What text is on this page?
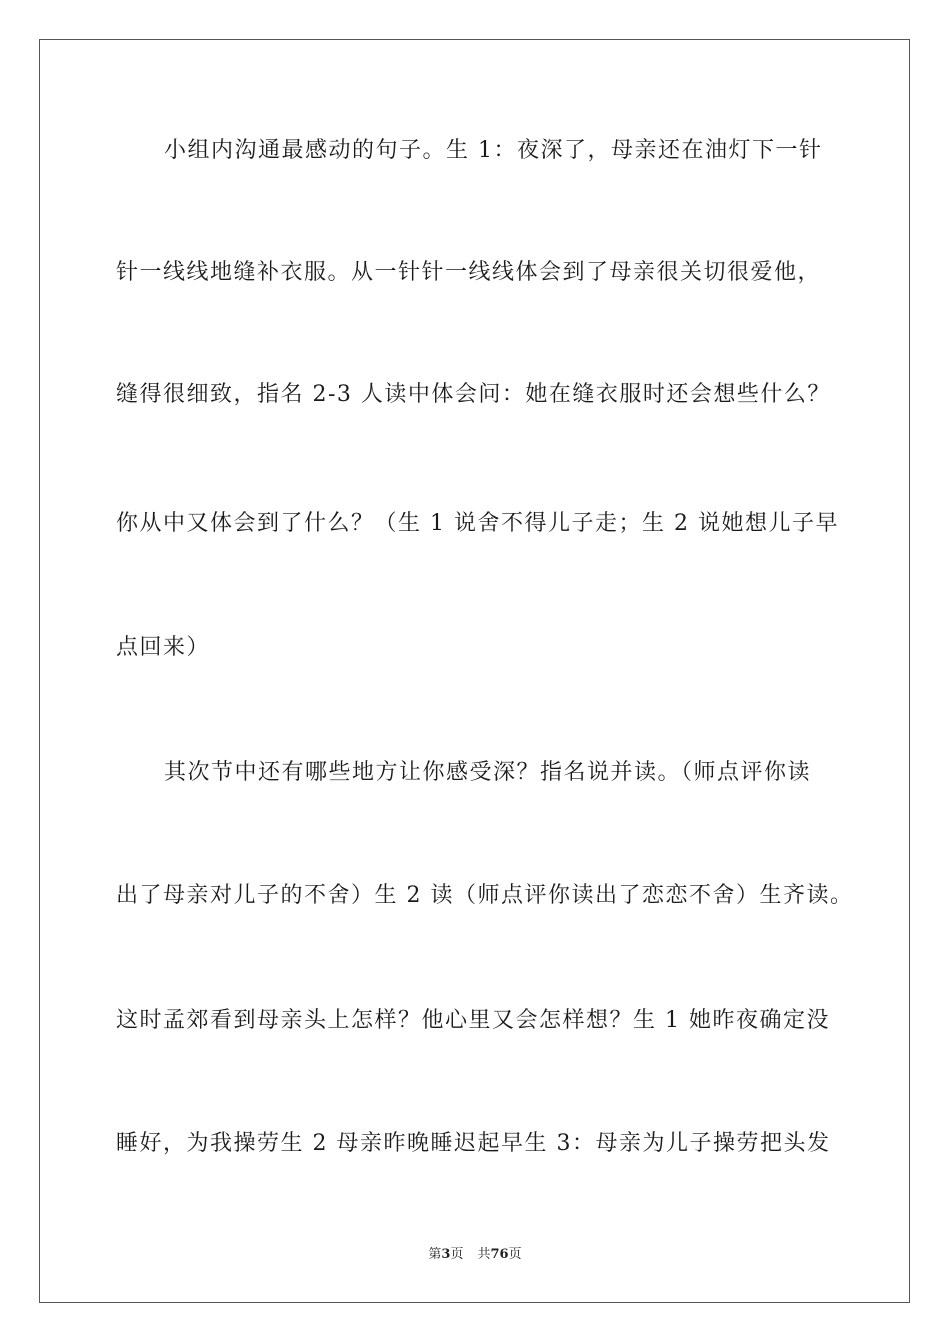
小组内沟通最感动的句子。生 1：夜深了，母亲还在油灯下一针
针一线线地缝补衣服。从一针针一线线体会到了母亲很关切很爱他，
缝得很细致，指名 2-3 人读中体会问：她在缝衣服时还会想些什么？
你从中又体会到了什么？（生 1 说舍不得儿子走；生 2 说她想儿子早
点回来）
其次节中还有哪些地方让你感受深？指名说并读。（师点评你读
出了母亲对儿子的不舍）生 2 读（师点评你读出了恋恋不舍）生齐读。
这时孟郊看到母亲头上怎样？他心里又会怎样想？生 1 她昨夜确定没
睡好，为我操劳生 2 母亲昨晚睡迟起早生 3：母亲为儿子操劳把头发
第3页 共76页
